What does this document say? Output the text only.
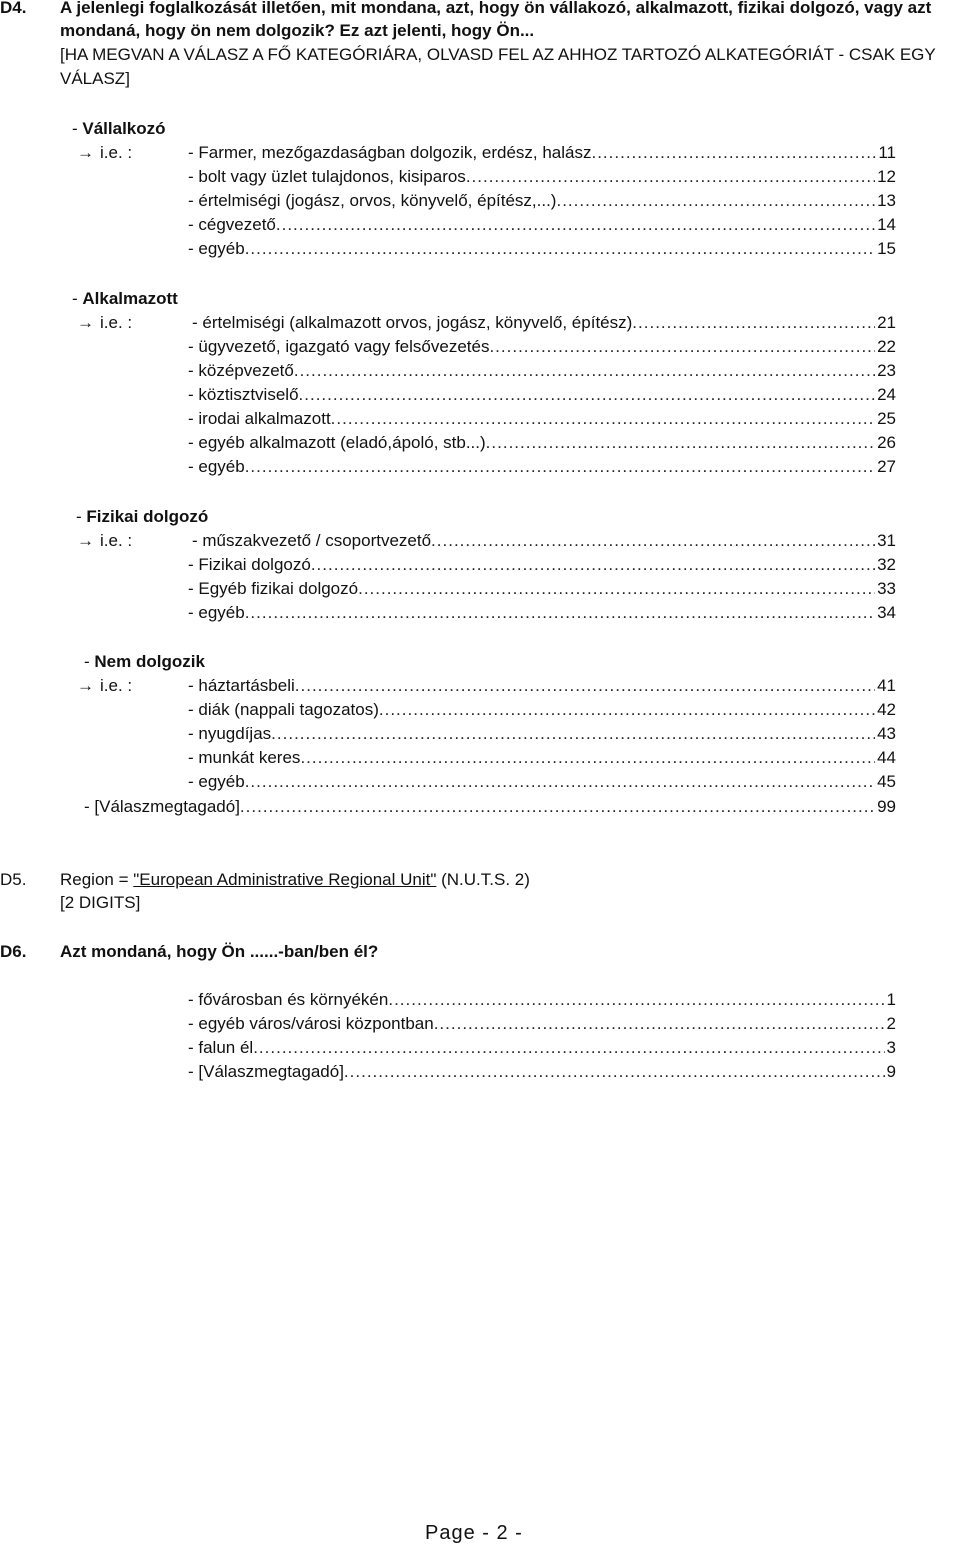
D4. A jelenlegi foglalkozását illetően, mit mondana, azt, hogy ön vállakozó, alkalmazott, fizikai dolgozó, vagy azt
mondaná, hogy ön nem dolgozik? Ez azt jelenti, hogy Ön...
[HA MEGVAN A VÁLASZ A FŐ KATEGÓRIÁRA, OLVASD FEL AZ AHHOZ TARTOZÓ ALKATEGÓRIÁT - CSAK EGY
VÁLASZ]
- Vállalkozó
→ i.e. :	- Farmer, mezőgazdaságban dolgozik, erdész, halász .....	11
- bolt vagy üzlet tulajdonos, kisiparos .....	12
- értelmiségi (jogász, orvos, könyvelő, építész,...) .....	13
- cégvezető .....	14
- egyéb .....	15
- Alkalmazott
→ i.e. :	- értelmiségi (alkalmazott orvos, jogász, könyvelő, építész) .....	21
- ügyvezető, igazgató vagy felsővezetés .....	22
- középvezető .....	23
- köztisztviselő .....	24
- irodai alkalmazott .....	25
- egyéb alkalmazott (eladó,ápoló, stb...) .....	26
- egyéb .....	27
- Fizikai dolgozó
→ i.e. :	- műszakvezető / csoportvezető .....	31
- Fizikai dolgozó .....	32
- Egyéb fizikai dolgozó .....	33
- egyéb .....	34
- Nem dolgozik
→ i.e. :	- háztartásbeli .....	41
- diák (nappali tagozatos) .....	42
- nyugdíjas .....	43
- munkát keres .....	44
- egyéb .....	45
- [Válaszmegtagadó] .....	99
D5. Region = "European Administrative Regional Unit" (N.U.T.S. 2)
[2 DIGITS]
D6. Azt mondaná, hogy Ön ......-ban/ben él?
- fővárosban és környékén .....	1
- egyéb város/városi központban .....	2
- falun él .....	3
- [Válaszmegtagadó] .....	9
Page - 2 -
